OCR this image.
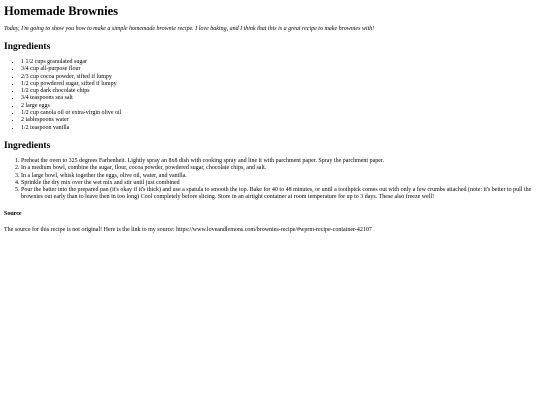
Homemade Brownies

Today, I'm going to show you how to make a simple homemade brownie recipe. I love baking, and I think that this is a great recipe to make brownies with!

Ingredients
• 1 1/2 cups granulated sugar
• 3/4 cup all-purpose flour
• 2/3 cup cocoa powder, sifted if lumpy
• 1/2 cup powdered sugar, sifted if lumpy
• 1/2 cup dark chocolate chips
• 3/4 teaspoons sea salt
• 2 large eggs
• 1/2 cup canola oil or extra-virgin olive oil
• 2 tablespoons water
• 1/2 teaspoon vanilla
Ingredients
1. Preheat the oven to 325 degrees Farhenheit. Lightly spray an 8x8 dish with cooking spray and line it with parchment paper. Spray the parchment paper.
2. In a medium bowl, combine the sugar, flour, cocoa powder, powdered sugar, chocolate chips, and salt.
3. In a large bowl, whisk together the eggs, olive oil, water, and vanilla.
4. Sprinkle the dry mix over the wet mix and stir until just combined
5. Pour the batter into the prepared pan (it's okay if it's thick) and use a spatula to smooth the top. Bake for 40 to 48 minutes, or until a toothpick comes out with only a few crumbs attached (note: it's better to pull the brownies out early than to leave then in too long) Cool completely before slicing. Store in an airtight container at room temperature for up to 3 days. These also freeze well!
Source

The source for this recipe is not original! Here is the link to my source: https://www.loveandlemons.com/brownies-recipe/#wprm-recipe-container-42107
